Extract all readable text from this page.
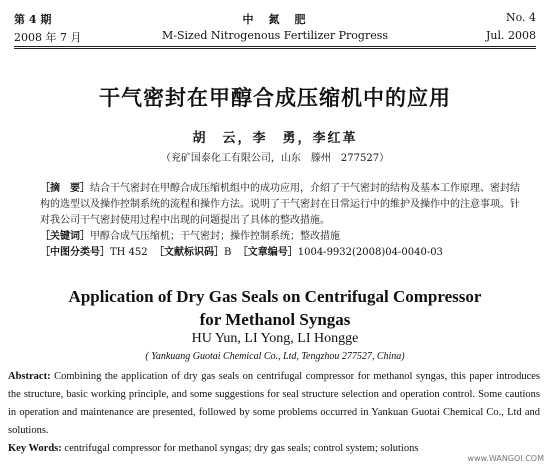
第 4 期	中　氮　肥	No. 4
2008 年 7 月	M-Sized Nitrogenous Fertilizer Progress	Jul. 2008
干气密封在甲醇合成压缩机中的应用
胡　云，李　勇，李红革
（兖矿国泰化工有限公司，山东　滕州　277527）

［摘　要］结合干气密封在甲醇合成压缩机组中的成功应用，介绍了干气密封的结构及基本工作原理、密封结构的选型以及操作控制系统的流程和操作方法。说明了干气密封在日常运行中的维护及操作中的注意事项。针对我公司干气密封使用过程中出现的问题提出了具体的整改措施。

［关键词］甲醇合成气压缩机；干气密封；操作控制系统；整改措施

［中图分类号］TH 452 ［文献标识码］B ［文章编号］1004-9932(2008)04-0040-03

Application of Dry Gas Seals on Centrifugal Compressor
for Methanol Syngas
HU Yun, LI Yong, LI Hongge
( Yankuang Guotai Chemical Co., Ltd, Tengzhou 277527, China)

Abstract: Combining the application of dry gas seals on centrifugal compressor for methanol syngas, this paper introduces the structure, basic working principle, and some suggestions for seal structure selection and operation control. Some cautions in operation and maintenance are presented, followed by some problems occurred in Yankuan Guotai Chemical Co., Ltd and solutions.

Key Words: centrifugal compressor for methanol syngas; dry gas seals; control system; solutions

www.WANGOI.COM
